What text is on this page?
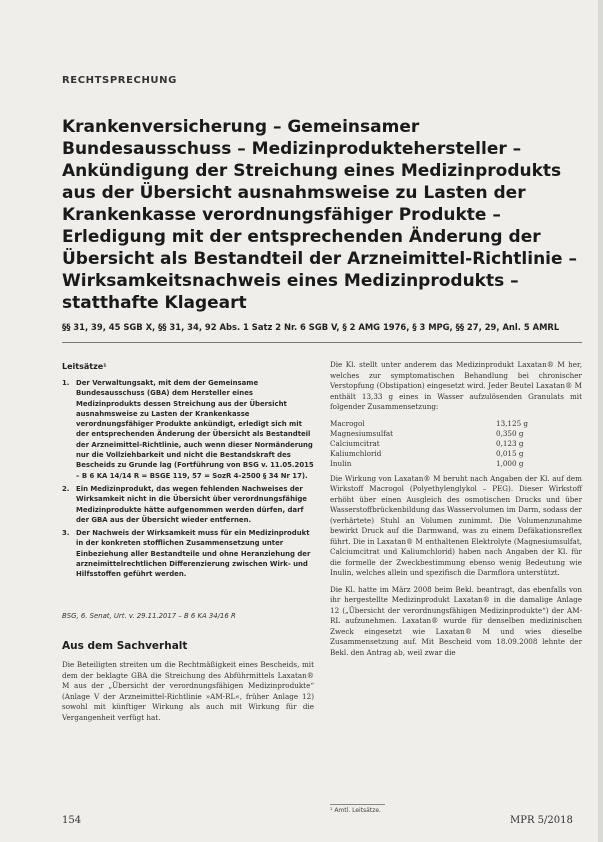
RECHTSPRECHUNG
Krankenversicherung – Gemeinsamer Bundesausschuss – Medizinproduktehersteller – Ankündigung der Streichung eines Medizinprodukts aus der Übersicht ausnahmsweise zu Lasten der Krankenkasse verordnungsfähiger Produkte – Erledigung mit der entsprechenden Änderung der Übersicht als Bestandteil der Arzneimittel-Richtlinie – Wirksamkeitsnachweis eines Medizinprodukts – statthafte Klageart
§§ 31, 39, 45 SGB X, §§ 31, 34, 92 Abs. 1 Satz 2 Nr. 6 SGB V, § 2 AMG 1976, § 3 MPG, §§ 27, 29, Anl. 5 AMRL
Leitsätze¹
1. Der Verwaltungsakt, mit dem der Gemeinsame Bundesausschuss (GBA) dem Hersteller eines Medizinprodukts dessen Streichung aus der Übersicht ausnahmsweise zu Lasten der Krankenkasse verordnungsfähiger Produkte ankündigt, erledigt sich mit der entsprechenden Änderung der Übersicht als Bestandteil der Arzneimittel-Richtlinie, auch wenn dieser Normänderung nur die Vollziehbarkeit und nicht die Bestandskraft des Bescheids zu Grunde lag (Fortführung von BSG v. 11.05.2015 – B 6 KA 14/14 R = BSGE 119, 57 = SozR 4-2500 § 34 Nr 17).
2. Ein Medizinprodukt, das wegen fehlenden Nachweises der Wirksamkeit nicht in die Übersicht über verordnungsfähige Medizinprodukte hätte aufgenommen werden dürfen, darf der GBA aus der Übersicht wieder entfernen.
3. Der Nachweis der Wirksamkeit muss für ein Medizinprodukt in der konkreten stofflichen Zusammensetzung unter Einbeziehung aller Bestandteile und ohne Heranziehung der arzneimittelrechtlichen Differenzierung zwischen Wirk- und Hilfsstoffen geführt werden.
BSG, 6. Senat, Urt. v. 29.11.2017 – B 6 KA 34/16 R
Aus dem Sachverhalt
Die Beteiligten streiten um die Rechtmäßigkeit eines Bescheids, mit dem der beklagte GBA die Streichung des Abführmittels Laxatan® M aus der „Übersicht der verordnungsfähigen Medizinprodukte“ (Anlage V der Arzneimittel-Richtlinie »AM-RL«, früher Anlage 12) sowohl mit künftiger Wirkung als auch mit Wirkung für die Vergangenheit verfügt hat.

Die Kl. stellt unter anderem das Medizinprodukt Laxatan® M her, welches zur symptomatischen Behandlung bei chronischer Verstopfung (Obstipation) eingesetzt wird. Jeder Beutel Laxatan® M enthält 13,33 g eines in Wasser aufzulösenden Granulats mit folgender Zusammensetzung:

Macrogol	13,125 g
Magnesiumsulfat	0,350 g
Calciumcitrat	0,123 g
Kaliumchlorid	0,015 g
Inulin	1,000 g

Die Wirkung von Laxatan® M beruht nach Angaben der Kl. auf dem Wirkstoff Macrogol (Polyethylenglykol – PEG). Dieser Wirkstoff erhöht über einen Ausgleich des osmotischen Drucks und über Wasserstoffbrückenbildung das Wasservolumen im Darm, sodass der (verhärtete) Stuhl an Volumen zunimmt. Die Volumenzunahme bewirkt Druck auf die Darmwand, was zu einem Defäkationsreflex führt. Die in Laxatan® M enthaltenen Elektrolyte (Magnesiumsulfat, Calciumcitrat und Kaliumchlorid) haben nach Angaben der Kl. für die formelle der Zweckbestimmung ebenso wenig Bedeutung wie Inulin, welches allein und spezifisch die Darmflora unterstützt.

Die Kl. hatte im März 2008 beim Bekl. beantragt, das ebenfalls von ihr hergestellte Medizinprodukt Laxatan® in die damalige Anlage 12 („Übersicht der verordnungsfähigen Medizinprodukte“) der AM-RL aufzunehmen. Laxatan® wurde für denselben medizinischen Zweck eingesetzt wie Laxatan® M und wies dieselbe Zusammensetzung auf. Mit Bescheid vom 18.09.2008 lehnte der Bekl. den Antrag ab, weil zwar die

¹ Amtl. Leitsätze.
154	MPR 5/2018
